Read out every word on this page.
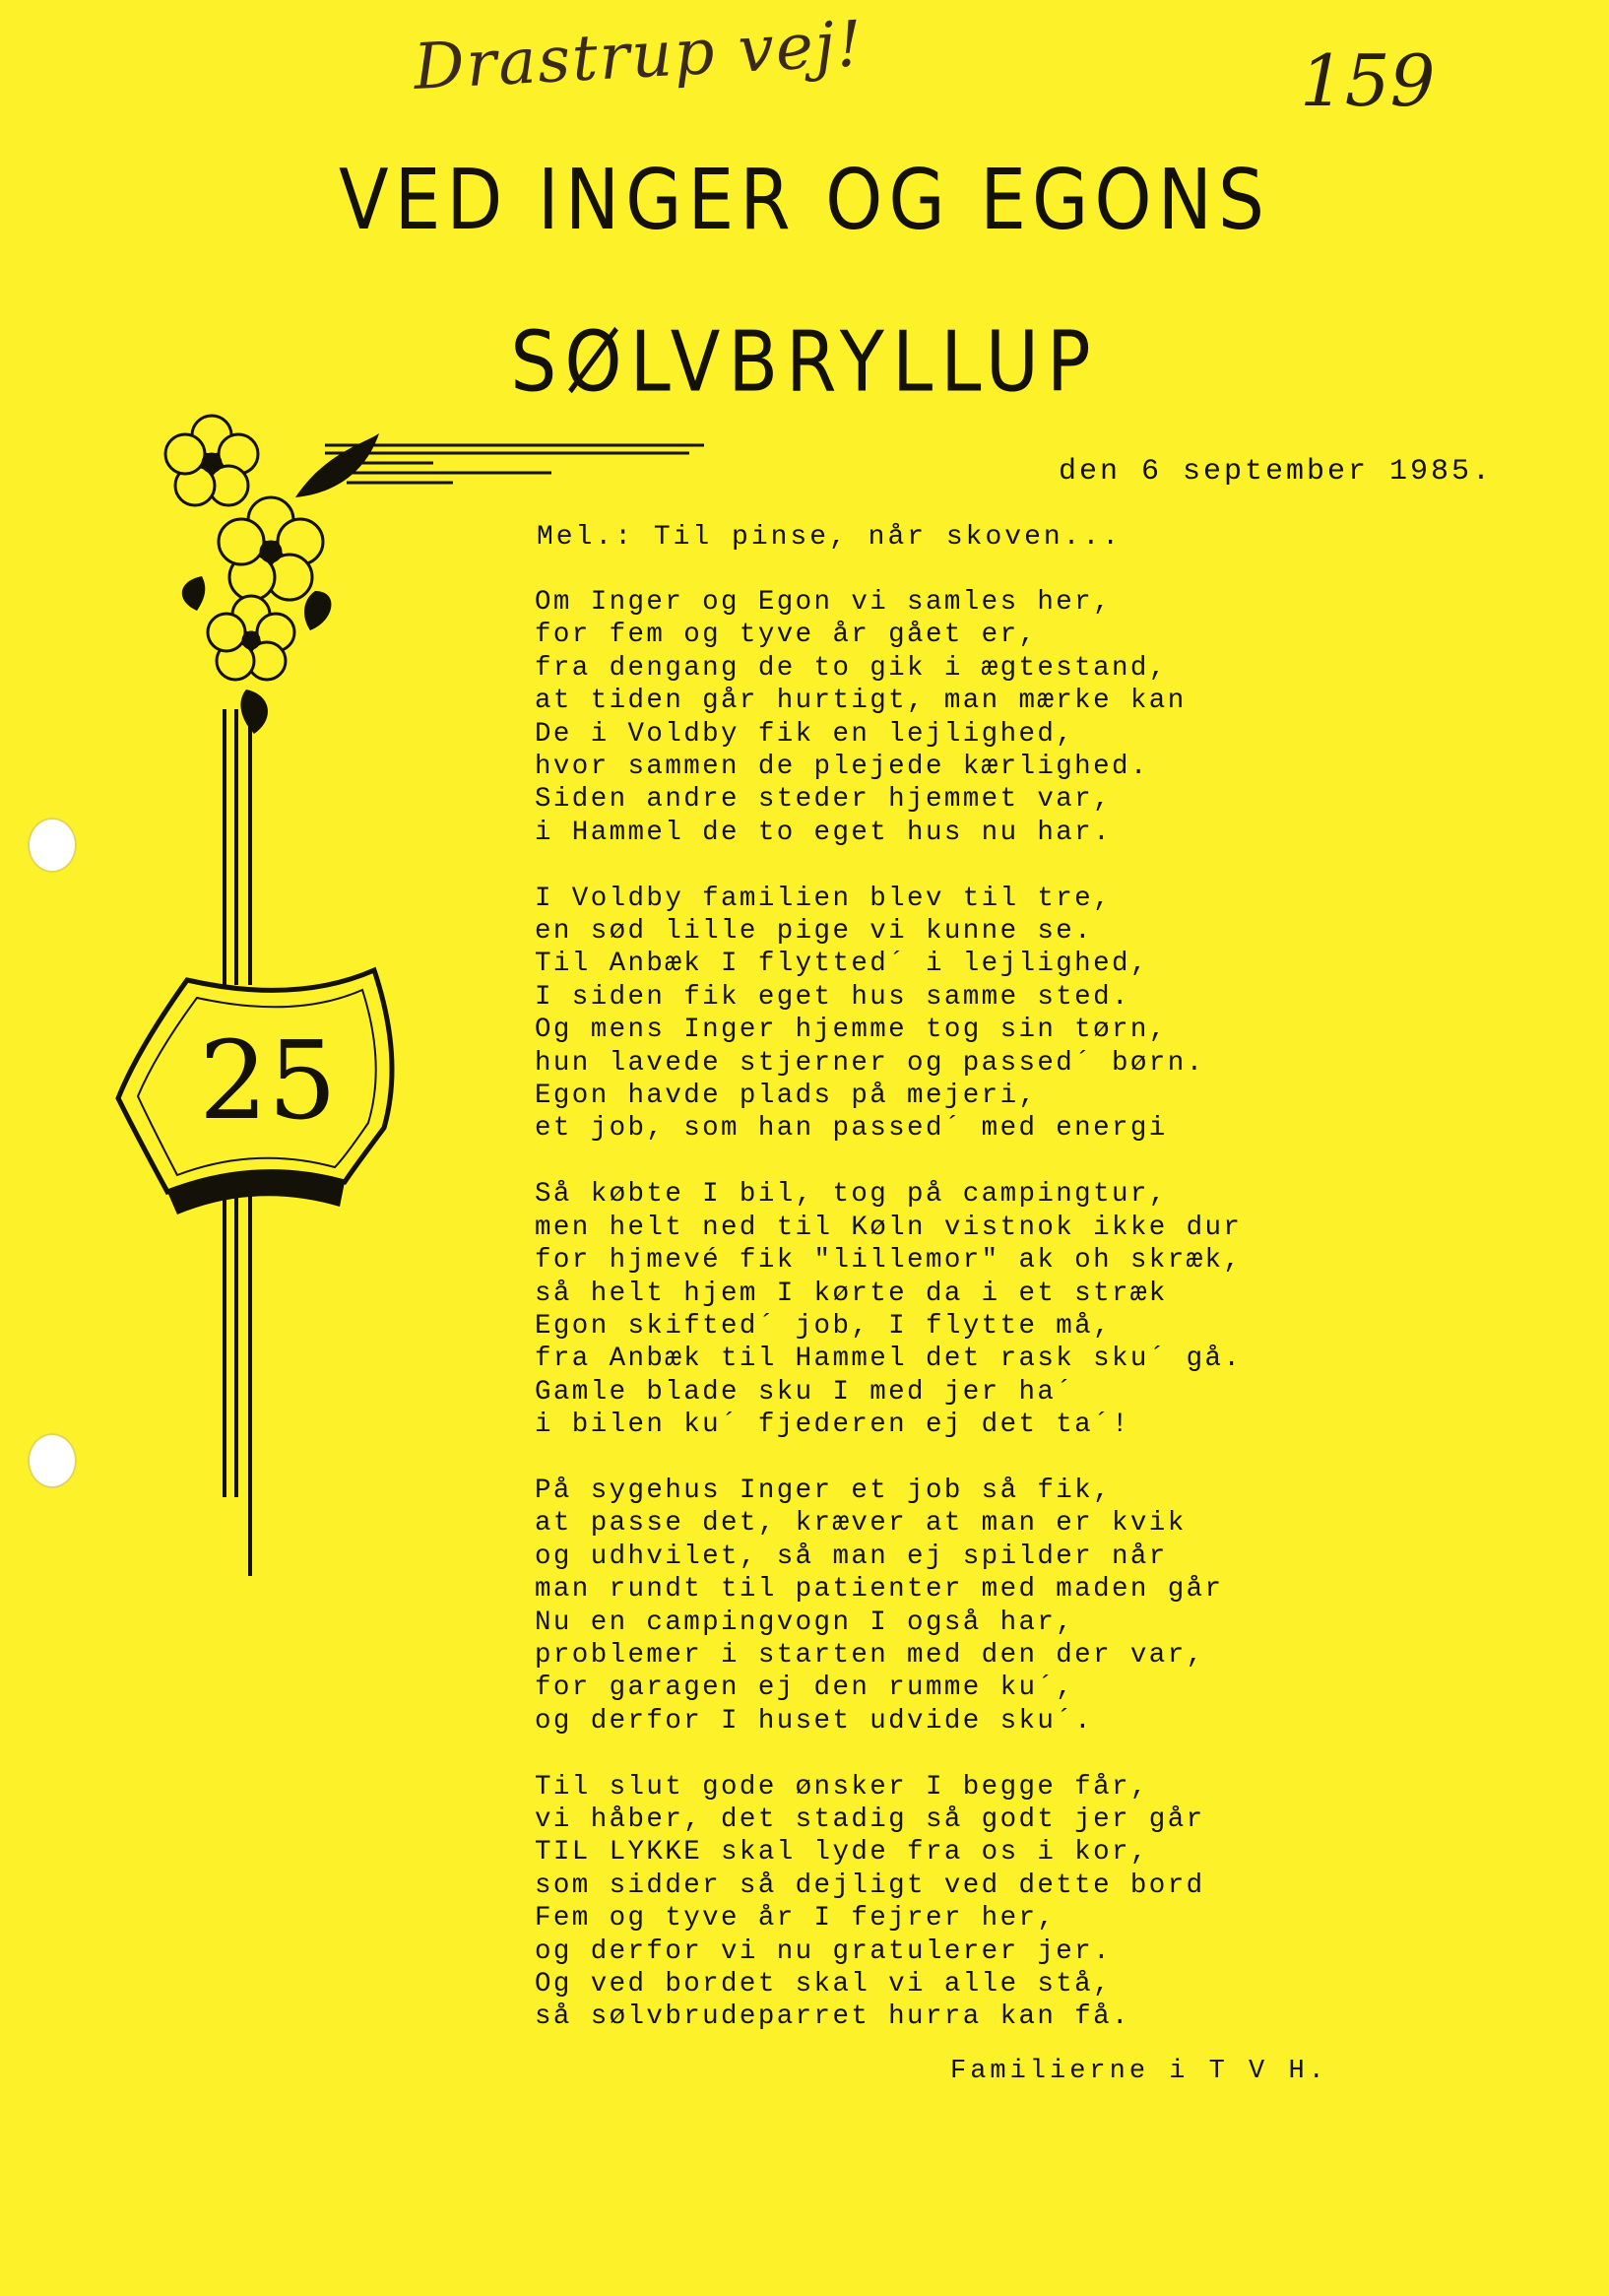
Drastrup vej!	159
VED INGER OG EGONS
SØLVBRYLLUP
25
den 6 september 1985.
Mel.: Til pinse, når skoven...
Om Inger og Egon vi samles her,
for fem og tyve år gået er,
fra dengang de to gik i ægtestand,
at tiden går hurtigt, man mærke kan
De i Voldby fik en lejlighed,
hvor sammen de plejede kærlighed.
Siden andre steder hjemmet var,
i Hammel de to eget hus nu har.
I Voldby familien blev til tre,
en sød lille pige vi kunne se.
Til Anbæk I flytted´ i lejlighed,
I siden fik eget hus samme sted.
Og mens Inger hjemme tog sin tørn,
hun lavede stjerner og passed´ børn.
Egon havde plads på mejeri,
et job, som han passed´ med energi
Så købte I bil, tog på campingtur,
men helt ned til Køln vistnok ikke dur
for hjmevé fik "lillemor" ak oh skræk,
så helt hjem I kørte da i et stræk
Egon skifted´ job, I flytte må,
fra Anbæk til Hammel det rask sku´ gå.
Gamle blade sku I med jer ha´
i bilen ku´ fjederen ej det ta´!
På sygehus Inger et job så fik,
at passe det, kræver at man er kvik
og udhvilet, så man ej spilder når
man rundt til patienter med maden går
Nu en campingvogn I også har,
problemer i starten med den der var,
for garagen ej den rumme ku´,
og derfor I huset udvide sku´.
Til slut gode ønsker I begge får,
vi håber, det stadig så godt jer går
TIL LYKKE skal lyde fra os i kor,
som sidder så dejligt ved dette bord
Fem og tyve år I fejrer her,
og derfor vi nu gratulerer jer.
Og ved bordet skal vi alle stå,
så sølvbrudeparret hurra kan få.
Familierne i T V H.
